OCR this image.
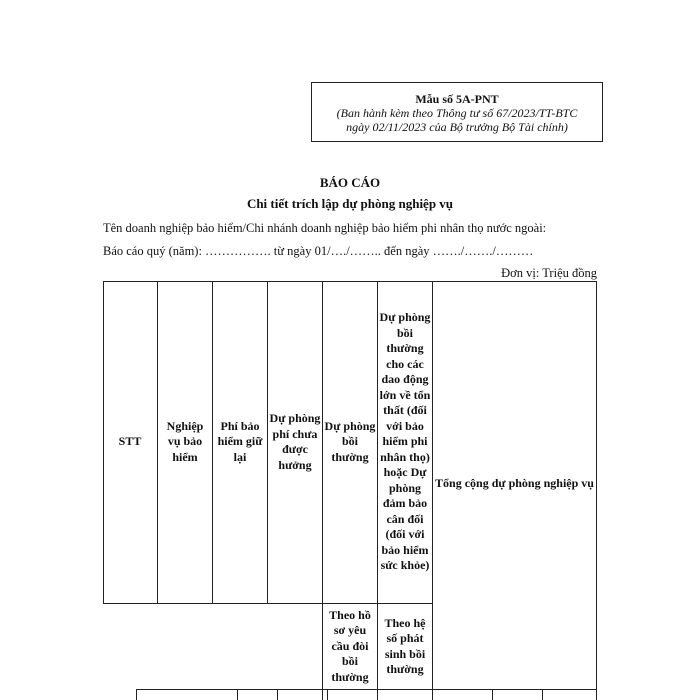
Mẫu số 5A-PNT
(Ban hành kèm theo Thông tư số 67/2023/TT-BTC
ngày 02/11/2023 của Bộ trưởng Bộ Tài chính)
BÁO CÁO
Chi tiết trích lập dự phòng nghiệp vụ
Tên doanh nghiệp bảo hiểm/Chi nhánh doanh nghiệp bảo hiểm phi nhân thọ nước ngoài:
Báo cáo quý (năm): ……………. từ ngày 01/…./…….. đến ngày ……./……./………
Đơn vị: Triệu đồng
STT
Nghiệp vụ bảo hiểm
Phí bảo hiểm giữ lại
Dự phòng phí chưa được hưởng
Dự phòng bồi thường
Dự phòng bồi thường cho các dao động lớn về tổn thất (đối với bảo hiểm phi nhân thọ) hoặc Dự phòng đảm bảo cân đối (đối với bảo hiểm sức khỏe)
Tổng cộng dự phòng nghiệp vụ
Theo hồ sơ yêu cầu đòi bồi thường
Theo hệ số phát sinh bồi thường
